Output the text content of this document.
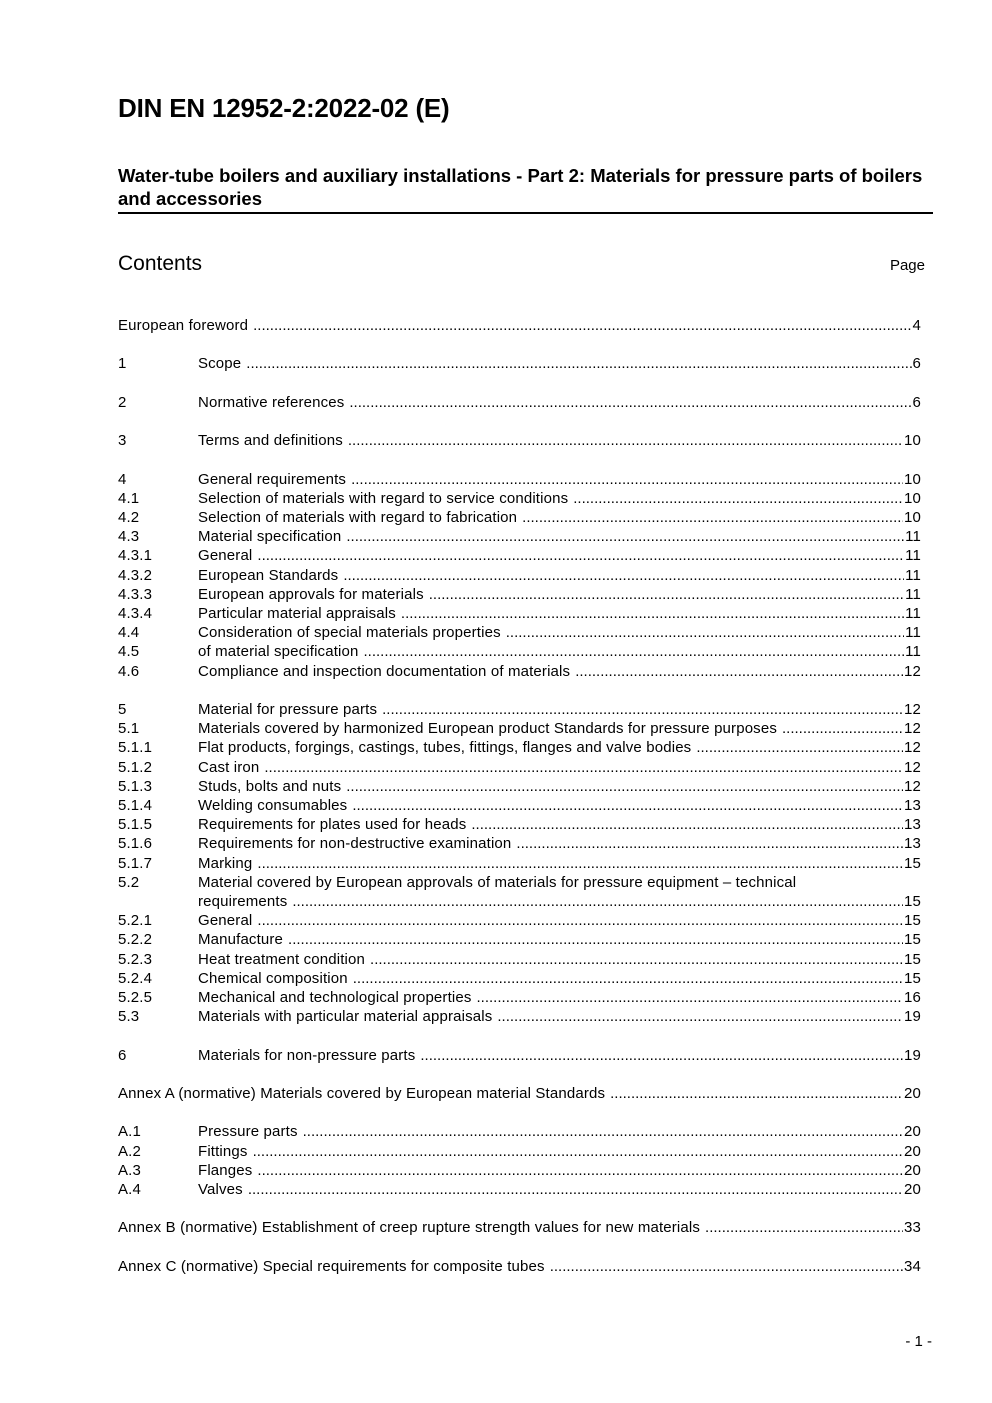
DIN EN 12952-2:2022-02 (E)
Water-tube boilers and auxiliary installations - Part 2: Materials for pressure parts of boilers and accessories
Contents	Page
European foreword .....	4
1	Scope .....	6
2	Normative references .....	6
3	Terms and definitions .....	10
4	General requirements .....	10
4.1	Selection of materials with regard to service conditions .....	10
4.2	Selection of materials with regard to fabrication .....	10
4.3	Material specification .....	11
4.3.1	General .....	11
4.3.2	European Standards .....	11
4.3.3	European approvals for materials .....	11
4.3.4	Particular material appraisals .....	11
4.4	Consideration of special materials properties .....	11
4.5	of material specification .....	11
4.6	Compliance and inspection documentation of materials .....	12
5	Material for pressure parts .....	12
5.1	Materials covered by harmonized European product Standards for pressure purposes .....	12
5.1.1	Flat products, forgings, castings, tubes, fittings, flanges and valve bodies .....	12
5.1.2	Cast iron .....	12
5.1.3	Studs, bolts and nuts .....	12
5.1.4	Welding consumables .....	13
5.1.5	Requirements for plates used for heads .....	13
5.1.6	Requirements for non-destructive examination .....	13
5.1.7	Marking .....	15
5.2	Material covered by European approvals of materials for pressure equipment – technical
requirements .....	15
5.2.1	General .....	15
5.2.2	Manufacture .....	15
5.2.3	Heat treatment condition .....	15
5.2.4	Chemical composition .....	15
5.2.5	Mechanical and technological properties .....	16
5.3	Materials with particular material appraisals .....	19
6	Materials for non-pressure parts .....	19
Annex A (normative) Materials covered by European material Standards .....	20
A.1	Pressure parts .....	20
A.2	Fittings .....	20
A.3	Flanges .....	20
A.4	Valves .....	20
Annex B (normative) Establishment of creep rupture strength values for new materials .....	33
Annex C (normative) Special requirements for composite tubes .....	34
- 1 -
